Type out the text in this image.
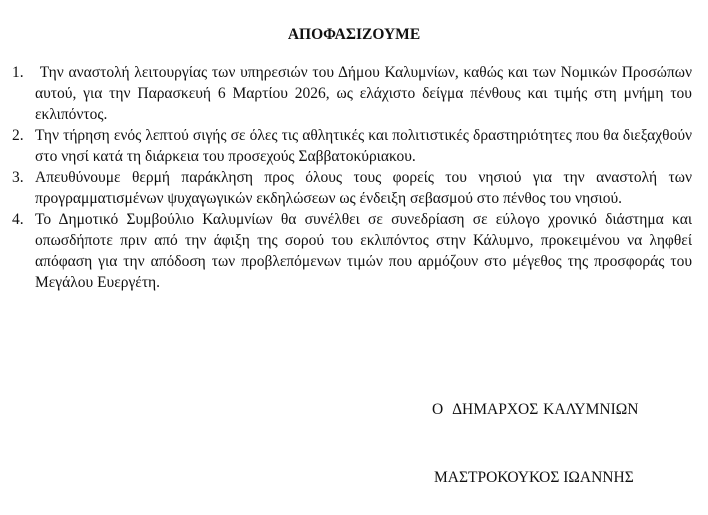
ΑΠΟΦΑΣΙΖΟΥΜΕ
1. Την αναστολή λειτουργίας των υπηρεσιών του Δήμου Καλυμνίων, καθώς και των Νομικών Προσώπων αυτού, για την Παρασκευή 6 Μαρτίου 2026, ως ελάχιστο δείγμα πένθους και τιμής στη μνήμη του εκλιπόντος.
2. Την τήρηση ενός λεπτού σιγής σε όλες τις αθλητικές και πολιτιστικές δραστηριότητες που θα διεξαχθούν στο νησί κατά τη διάρκεια του προσεχούς Σαββατοκύριακου.
3. Απευθύνουμε θερμή παράκληση προς όλους τους φορείς του νησιού για την αναστολή των προγραμματισμένων ψυχαγωγικών εκδηλώσεων ως ένδειξη σεβασμού στο πένθος του νησιού.
4. Το Δημοτικό Συμβούλιο Καλυμνίων θα συνέλθει σε συνεδρίαση σε εύλογο χρονικό διάστημα και οπωσδήποτε πριν από την άφιξη της σορού του εκλιπόντος στην Κάλυμνο, προκειμένου να ληφθεί απόφαση για την απόδοση των προβλεπόμενων τιμών που αρμόζουν στο μέγεθος της προσφοράς του Μεγάλου Ευεργέτη.
Ο  ΔΗΜΑΡΧΟΣ ΚΑΛΥΜΝΙΩΝ
ΜΑΣΤΡΟΚΟΥΚΟΣ ΙΩΑΝΝΗΣ
